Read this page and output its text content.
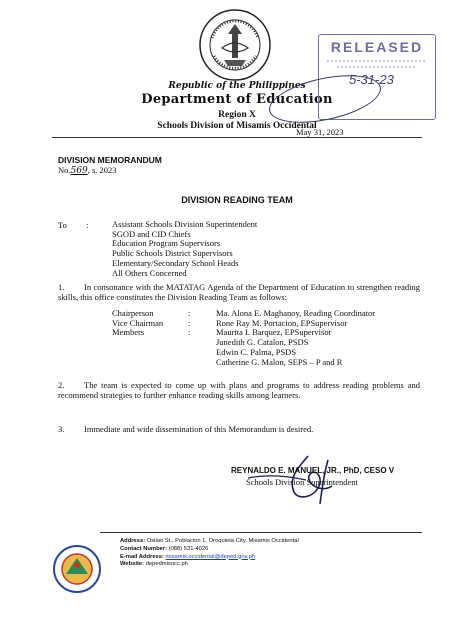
Republic of the Philippines
Department of Education
Region X
Schools Division of Misamis Occidental
RELEASED
5-31-23
May 31, 2023
DIVISION MEMORANDUM
No.569, s. 2023
DIVISION READING TEAM
To :	Assistant Schools Division Superintendent
SGOD and CID Chiefs
Education Program Supervisors
Public Schools District Supervisors
Elementary/Secondary School Heads
All Others Concerned
1. In consonance with the MATATAG Agenda of the Department of Education to strengthen reading skills, this office constitutes the Division Reading Team as follows:
Chairperson
Vice Chairman
Members
:
:
:
Ma. Alona E. Maghanoy, Reading Coordinator
Rone Ray M. Portacion, EPSupervisor
Maurita I. Barquez, EPSupervisor
Junedith G. Catalon, PSDS
Edwin C. Palma, PSDS
Catherine G. Malon, SEPS – P and R
2. The team is expected to come up with plans and programs to address reading problems and recommend strategies to further enhance reading skills among learners.
3. Immediate and wide dissemination of this Memorandum is desired.
REYNALDO E. MANUEL, JR., PhD, CESO V
Schools Division Superintendent
Address: Osilao St., Poblacion 1, Oroquieta City, Misamis Occidental
Contact Number: (088) 531-4026
E-mail Address: misamis.occidental@deped.gov.ph
Website: depedmisocc.ph
